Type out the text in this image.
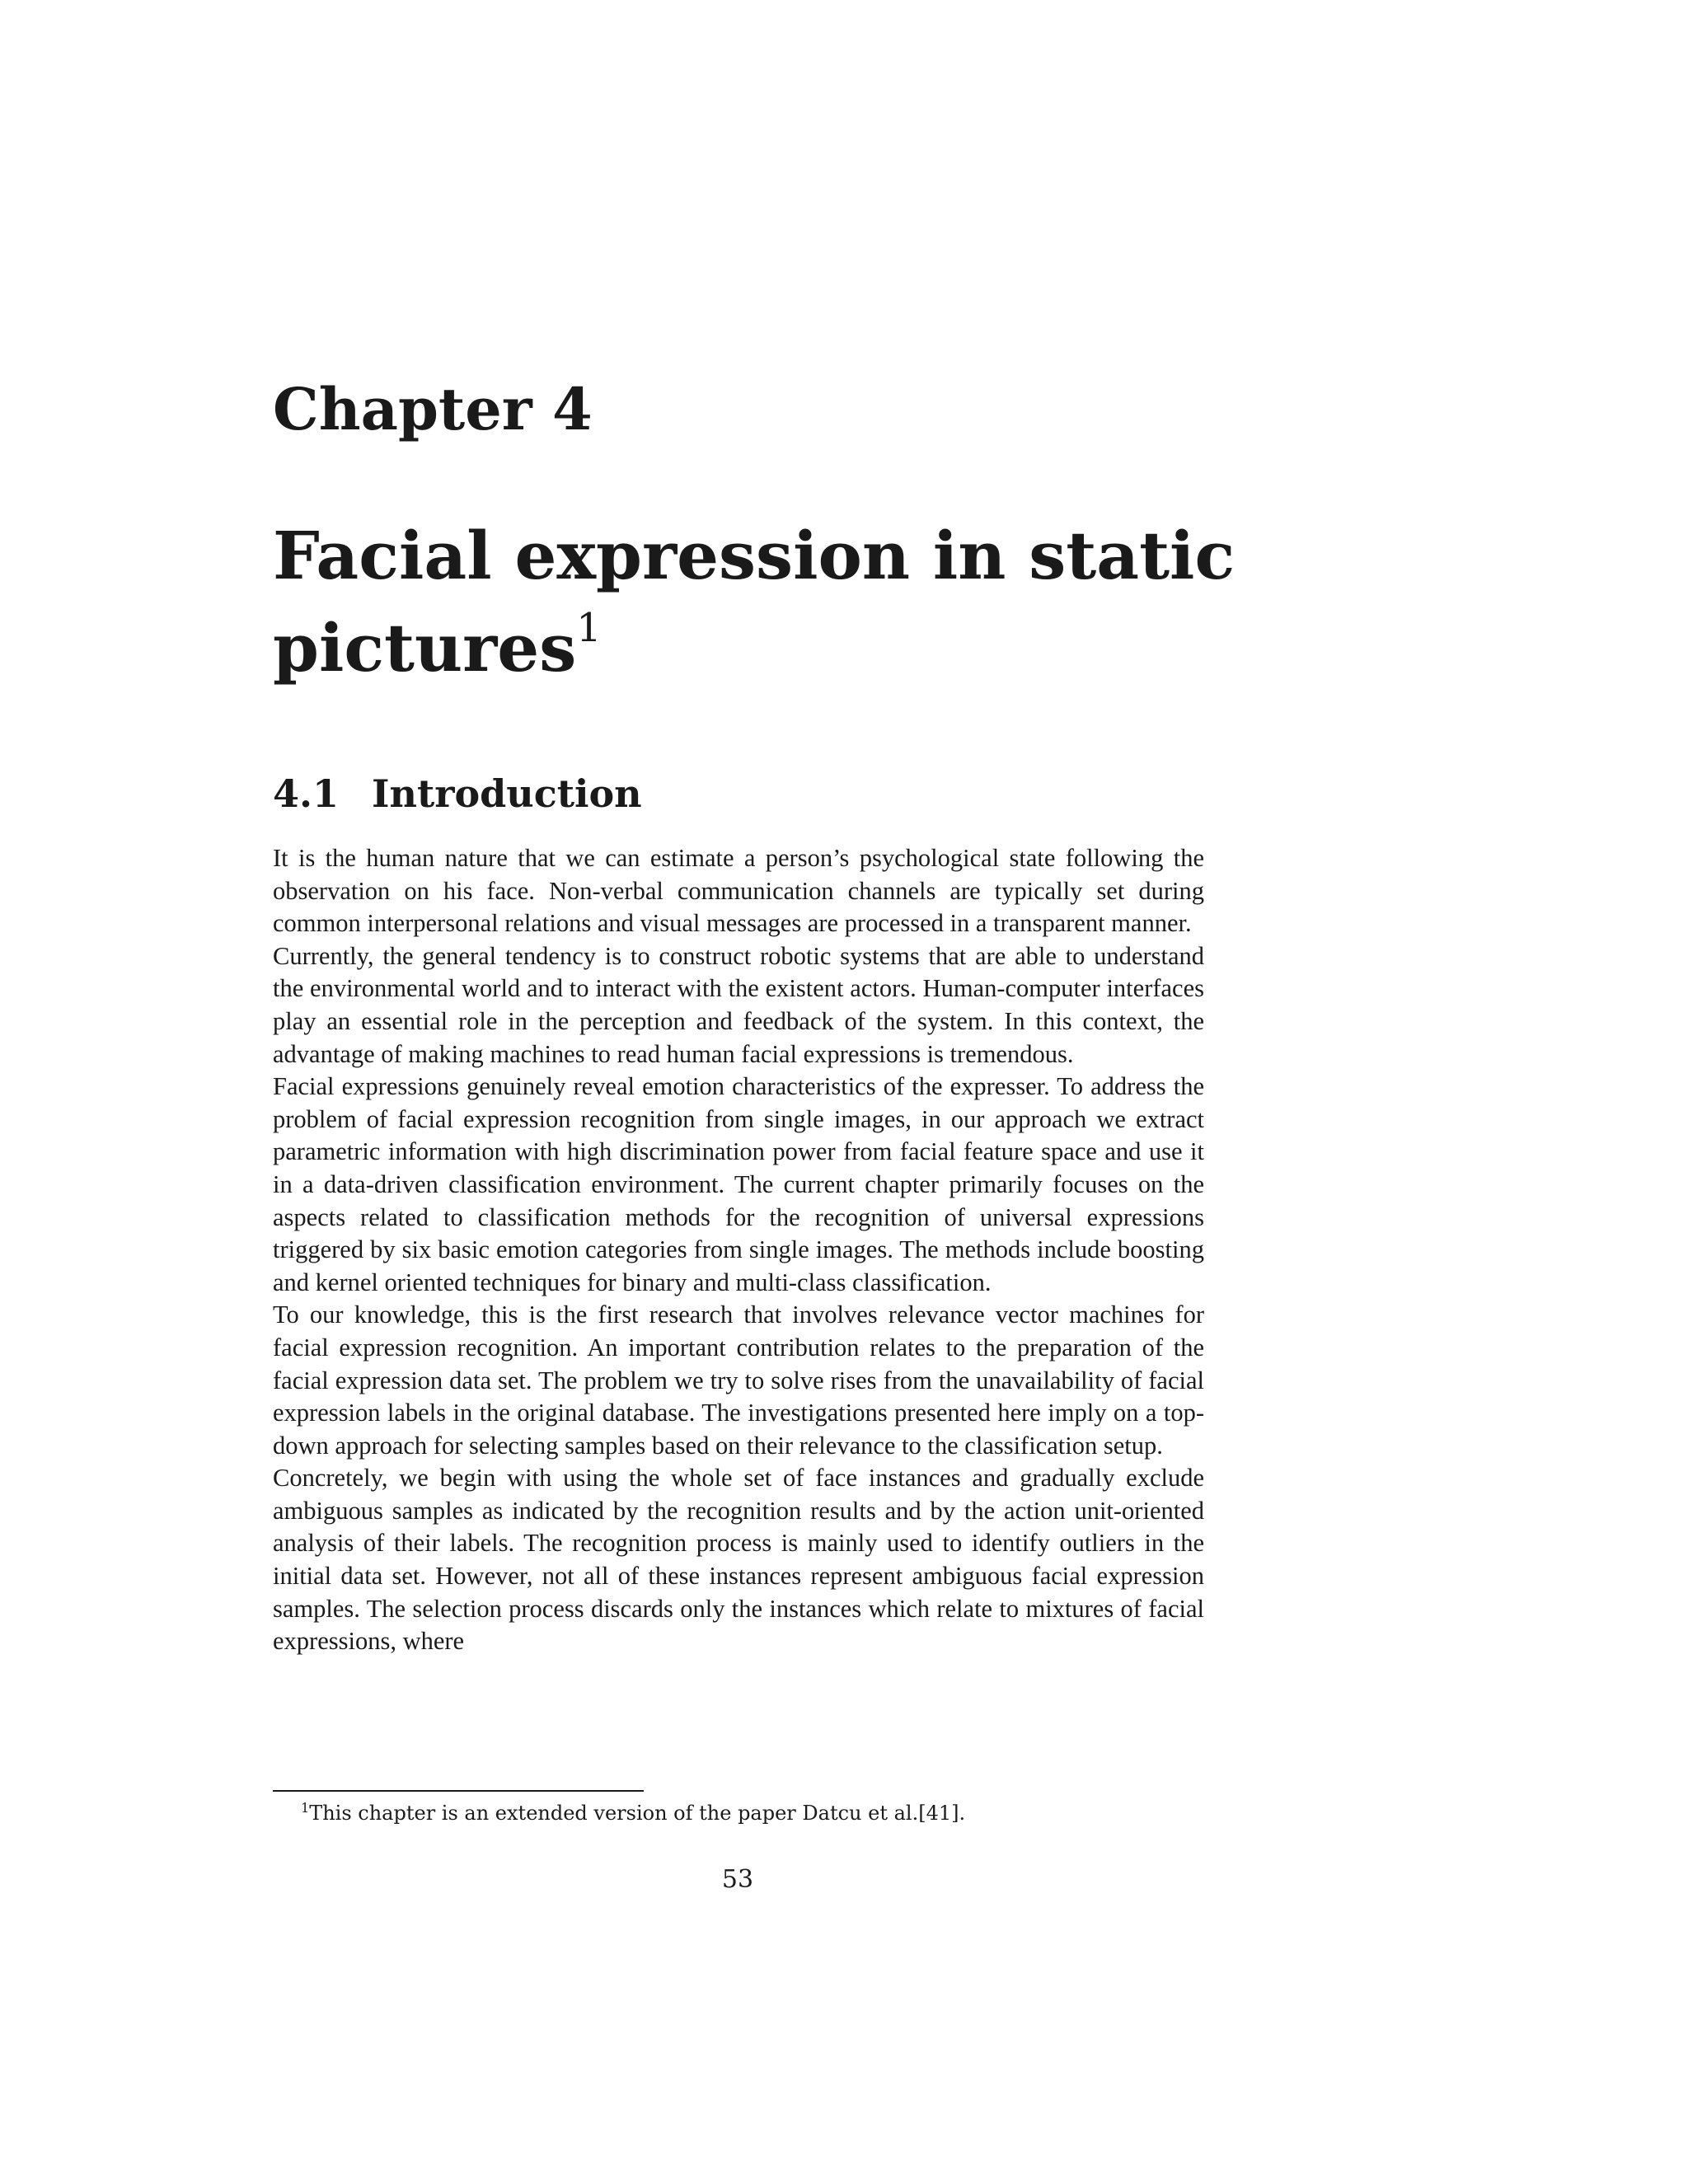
Chapter 4
Facial expression in static pictures$^1$
4.1 Introduction

It is the human nature that we can estimate a person’s psychological state following the observation on his face. Non-verbal communication channels are typically set during common interpersonal relations and visual messages are processed in a transparent manner.

Currently, the general tendency is to construct robotic systems that are able to understand the environmental world and to interact with the existent actors. Human-computer interfaces play an essential role in the perception and feedback of the system. In this context, the advantage of making machines to read human facial expressions is tremendous.

Facial expressions genuinely reveal emotion characteristics of the expresser. To address the problem of facial expression recognition from single images, in our approach we extract parametric information with high discrimination power from facial feature space and use it in a data-driven classification environment. The current chapter primarily focuses on the aspects related to classification methods for the recognition of universal expressions triggered by six basic emotion categories from single images. The methods include boosting and kernel oriented techniques for binary and multi-class classification.

To our knowledge, this is the first research that involves relevance vector machines for facial expression recognition. An important contribution relates to the preparation of the facial expression data set. The problem we try to solve rises from the unavailability of facial expression labels in the original database. The investigations presented here imply on a top-down approach for selecting samples based on their relevance to the classification setup.

Concretely, we begin with using the whole set of face instances and gradually exclude ambiguous samples as indicated by the recognition results and by the action unit-oriented analysis of their labels. The recognition process is mainly used to identify outliers in the initial data set. However, not all of these instances represent ambiguous facial expression samples. The selection process discards only the instances which relate to mixtures of facial expressions, where

$^1$This chapter is an extended version of the paper Datcu et al.[41].
53
